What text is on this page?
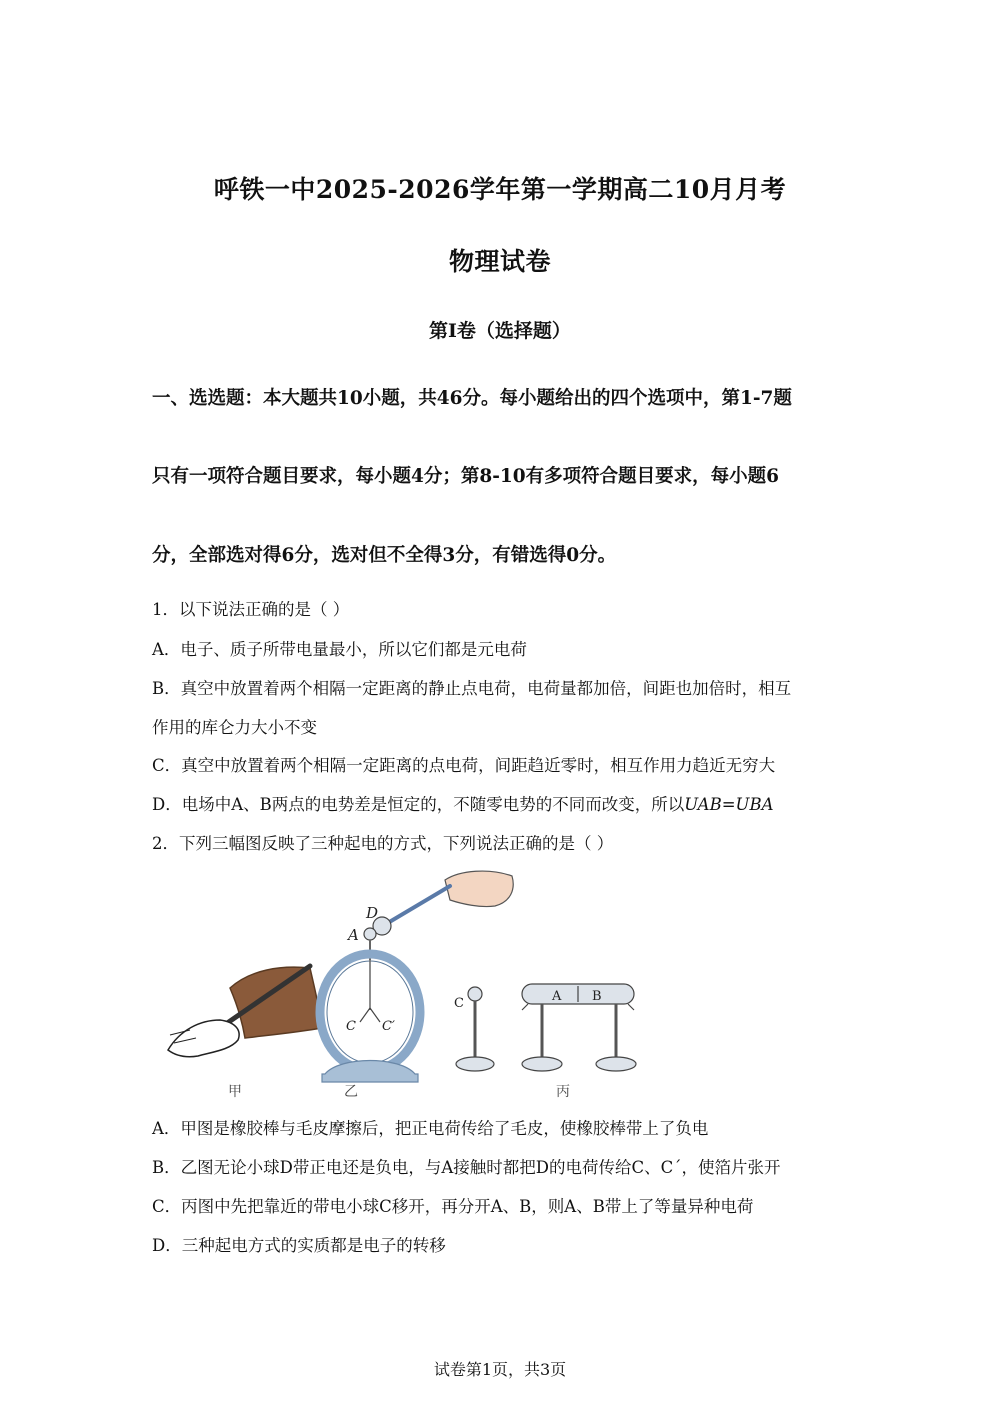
呼铁一中2025-2026学年第一学期高二10月月考
物理试卷
第Ⅰ卷（选择题）
一、选选题：本大题共10小题，共46分。每小题给出的四个选项中，第1-7题
只有一项符合题目要求，每小题4分；第8-10有多项符合题目要求，每小题6
分，全部选对得6分，选对但不全得3分，有错选得0分。
1．以下说法正确的是（ ）
A．电子、质子所带电量最小，所以它们都是元电荷
B．真空中放置着两个相隔一定距离的静止点电荷，电荷量都加倍，间距也加倍时，相互
作用的库仑力大小不变
C．真空中放置着两个相隔一定距离的点电荷，间距趋近零时，相互作用力趋近无穷大
D．电场中A、B两点的电势差是恒定的，不随零电势的不同而改变，所以UAB=UBA
2．下列三幅图反映了三种起电的方式，下列说法正确的是（ ）
D
A
C C′
C	A B
甲	乙	丙
A．甲图是橡胶棒与毛皮摩擦后，把正电荷传给了毛皮，使橡胶棒带上了负电
B．乙图无论小球D带正电还是负电，与A接触时都把D的电荷传给C、C´，使箔片张开
C．丙图中先把靠近的带电小球C移开，再分开A、B，则A、B带上了等量异种电荷
D．三种起电方式的实质都是电子的转移
试卷第1页，共3页
